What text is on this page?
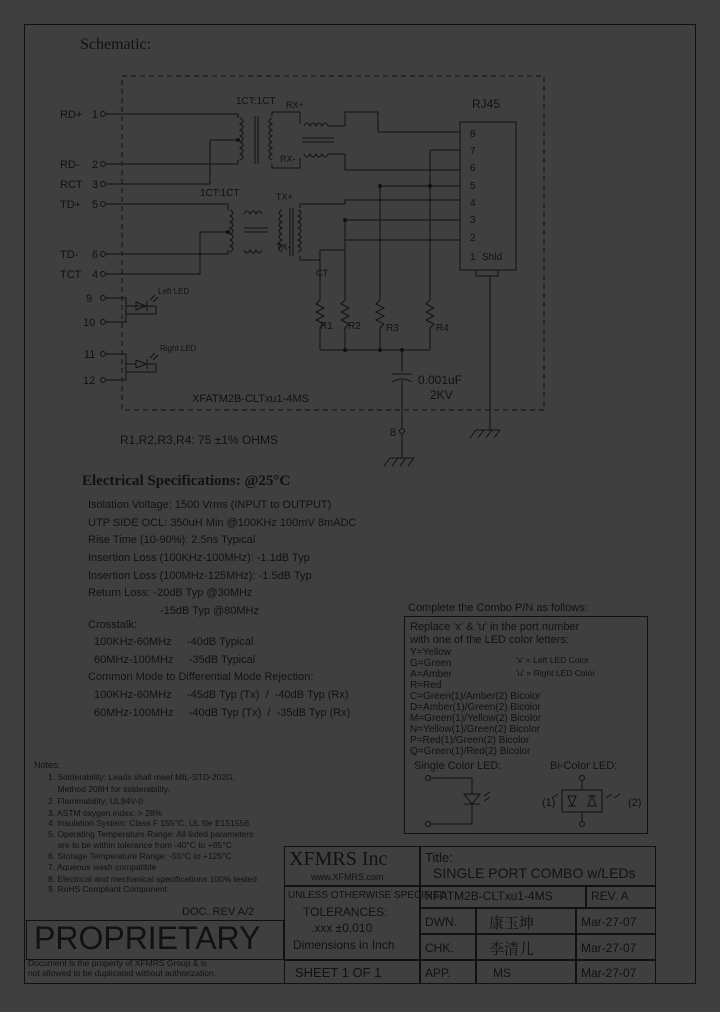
Schematic:
RD+ 1
RD- 2
RCT 3
TD+ 5
TD- 6
TCT 4
9
10
11
12
1CT:1CT RX+
RX-
1CT:1CT	TX+
TX-
CT
RJ45
8
7
6
5
4
3
2
1 Shld
R1 R2	R3	R4
0.001uF
2KV
XFATM2B-CLTxu1-4MS
8
Left LED
Right LED
R1,R2,R3,R4: 75 ±1% OHMS
Electrical Specifications: @25°C
Isolation Voltage: 1500 Vrms (INPUT to OUTPUT)
UTP SIDE OCL: 350uH Min @100KHz 100mV 8mADC
Rise Time (10-90%): 2.5ns Typical
Insertion Loss (100KHz-100MHz): -1.1dB Typ
Insertion Loss (100MHz-125MHz): -1.5dB Typ
Return Loss: -20dB Typ @30MHz
-15dB Typ @80MHz
Crosstalk:
100KHz-60MHz     -40dB Typical
60MHz-100MHz     -35dB Typical
Common Mode to Differential Mode Rejection:
100KHz-60MHz     -45dB Typ (Tx)  /  -40dB Typ (Rx)
60MHz-100MHz     -40dB Typ (Tx)  /  -35dB Typ (Rx)
Complete the Combo P/N as follows:
Replace 'x' & 'u' in the port number
with one of the LED color letters:
Y=Yellow
G=Green
A=Amber
R=Red
C=Green(1)/Amber(2) Bicolor
D=Amber(1)/Green(2) Bicolor
M=Green(1)/Yellow(2) Bicolor
N=Yellow(1)/Green(2) Bicolor
P=Red(1)/Green(2) Bicolor
Q=Green(1)/Red(2) Bicolor
'x' = Left LED Color
'u' = Right LED Color
Single Color LED:	Bi-Color LED:
(1)	(2)
Notes:
1. Solderability: Leads shall meet MIL-STD-202G,
Method 208H for solderability.
2. Flammability: UL94V-0
3. ASTM oxygen index: > 28%
4. Insulation System: Class F 155°C. UL file E151556
5. Operating Temperature Range: All listed parameters
are to be within tolerance from -40°C to +85°C
6. Storage Temperature Range: -55°C to +125°C
7. Aqueous wash compatible
8. Electrical and mechanical specifications 100% tested
9. RoHS Compliant Component
DOC. REV A/2
PROPRIETARY
Document is the property of XFMRS Group & is
not allowed to be duplicated without authorization.
XFMRS Inc
www.XFMRS.com
Title:
SINGLE PORT COMBO w/LEDs
UNLESS OTHERWISE SPECIFIED
TOLERANCES:
.xxx ±0.010
Dimensions in Inch
XFATM2B-CLTxu1-4MS	REV. A
DWN.	康玉坤	Mar-27-07
CHK.	李清儿	Mar-27-07
SHEET 1 OF 1	APP.	MS	Mar-27-07
